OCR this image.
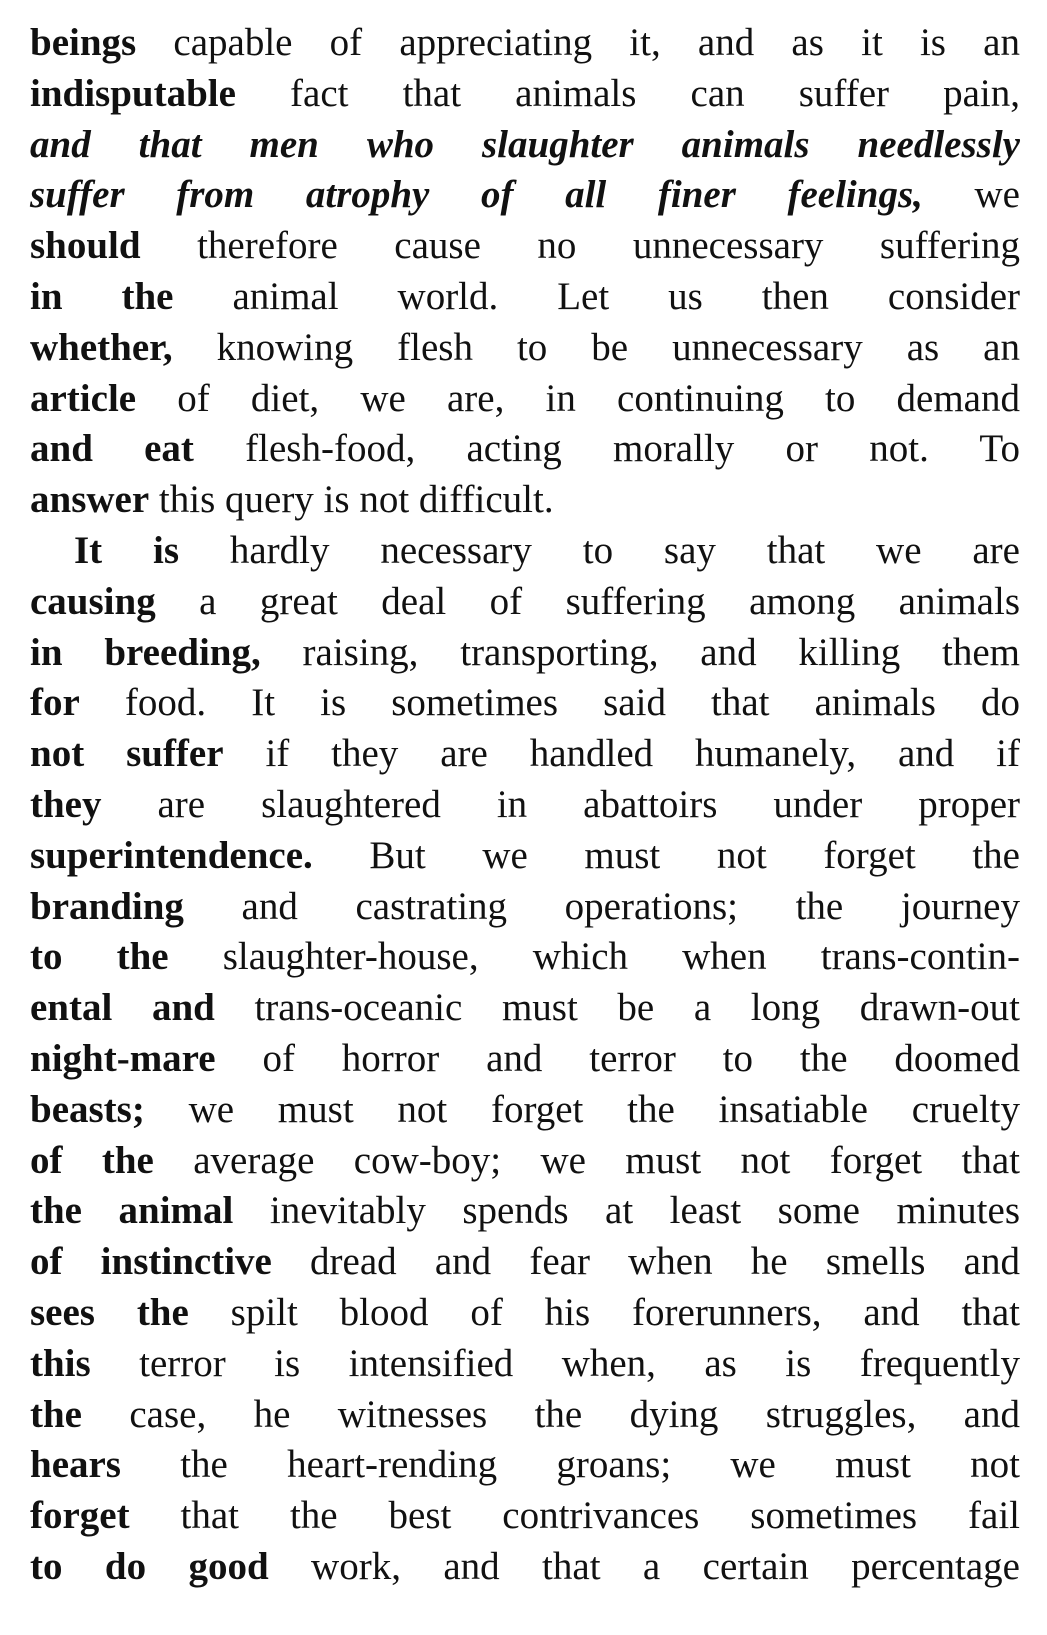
beings capable of appreciating it, and as it is an
indisputable fact that animals can suffer pain,
and that men who slaughter animals needlessly
suffer from atrophy of all finer feelings, we
should therefore cause no unnecessary suffering
in the animal world. Let us then consider
whether, knowing flesh to be unnecessary as an
article of diet, we are, in continuing to demand
and eat flesh-food, acting morally or not. To
answer this query is not difficult.
It is hardly necessary to say that we are
causing a great deal of suffering among animals
in breeding, raising, transporting, and killing them
for food. It is sometimes said that animals do
not suffer if they are handled humanely, and if
they are slaughtered in abattoirs under proper
superintendence. But we must not forget the
branding and castrating operations; the journey
to the slaughter-house, which when trans-contin-
ental and trans-oceanic must be a long drawn-out
night-mare of horror and terror to the doomed
beasts; we must not forget the insatiable cruelty
of the average cow-boy; we must not forget that
the animal inevitably spends at least some minutes
of instinctive dread and fear when he smells and
sees the spilt blood of his forerunners, and that
this terror is intensified when, as is frequently
the case, he witnesses the dying struggles, and
hears the heart-rending groans; we must not
forget that the best contrivances sometimes fail
to do good work, and that a certain percentage
